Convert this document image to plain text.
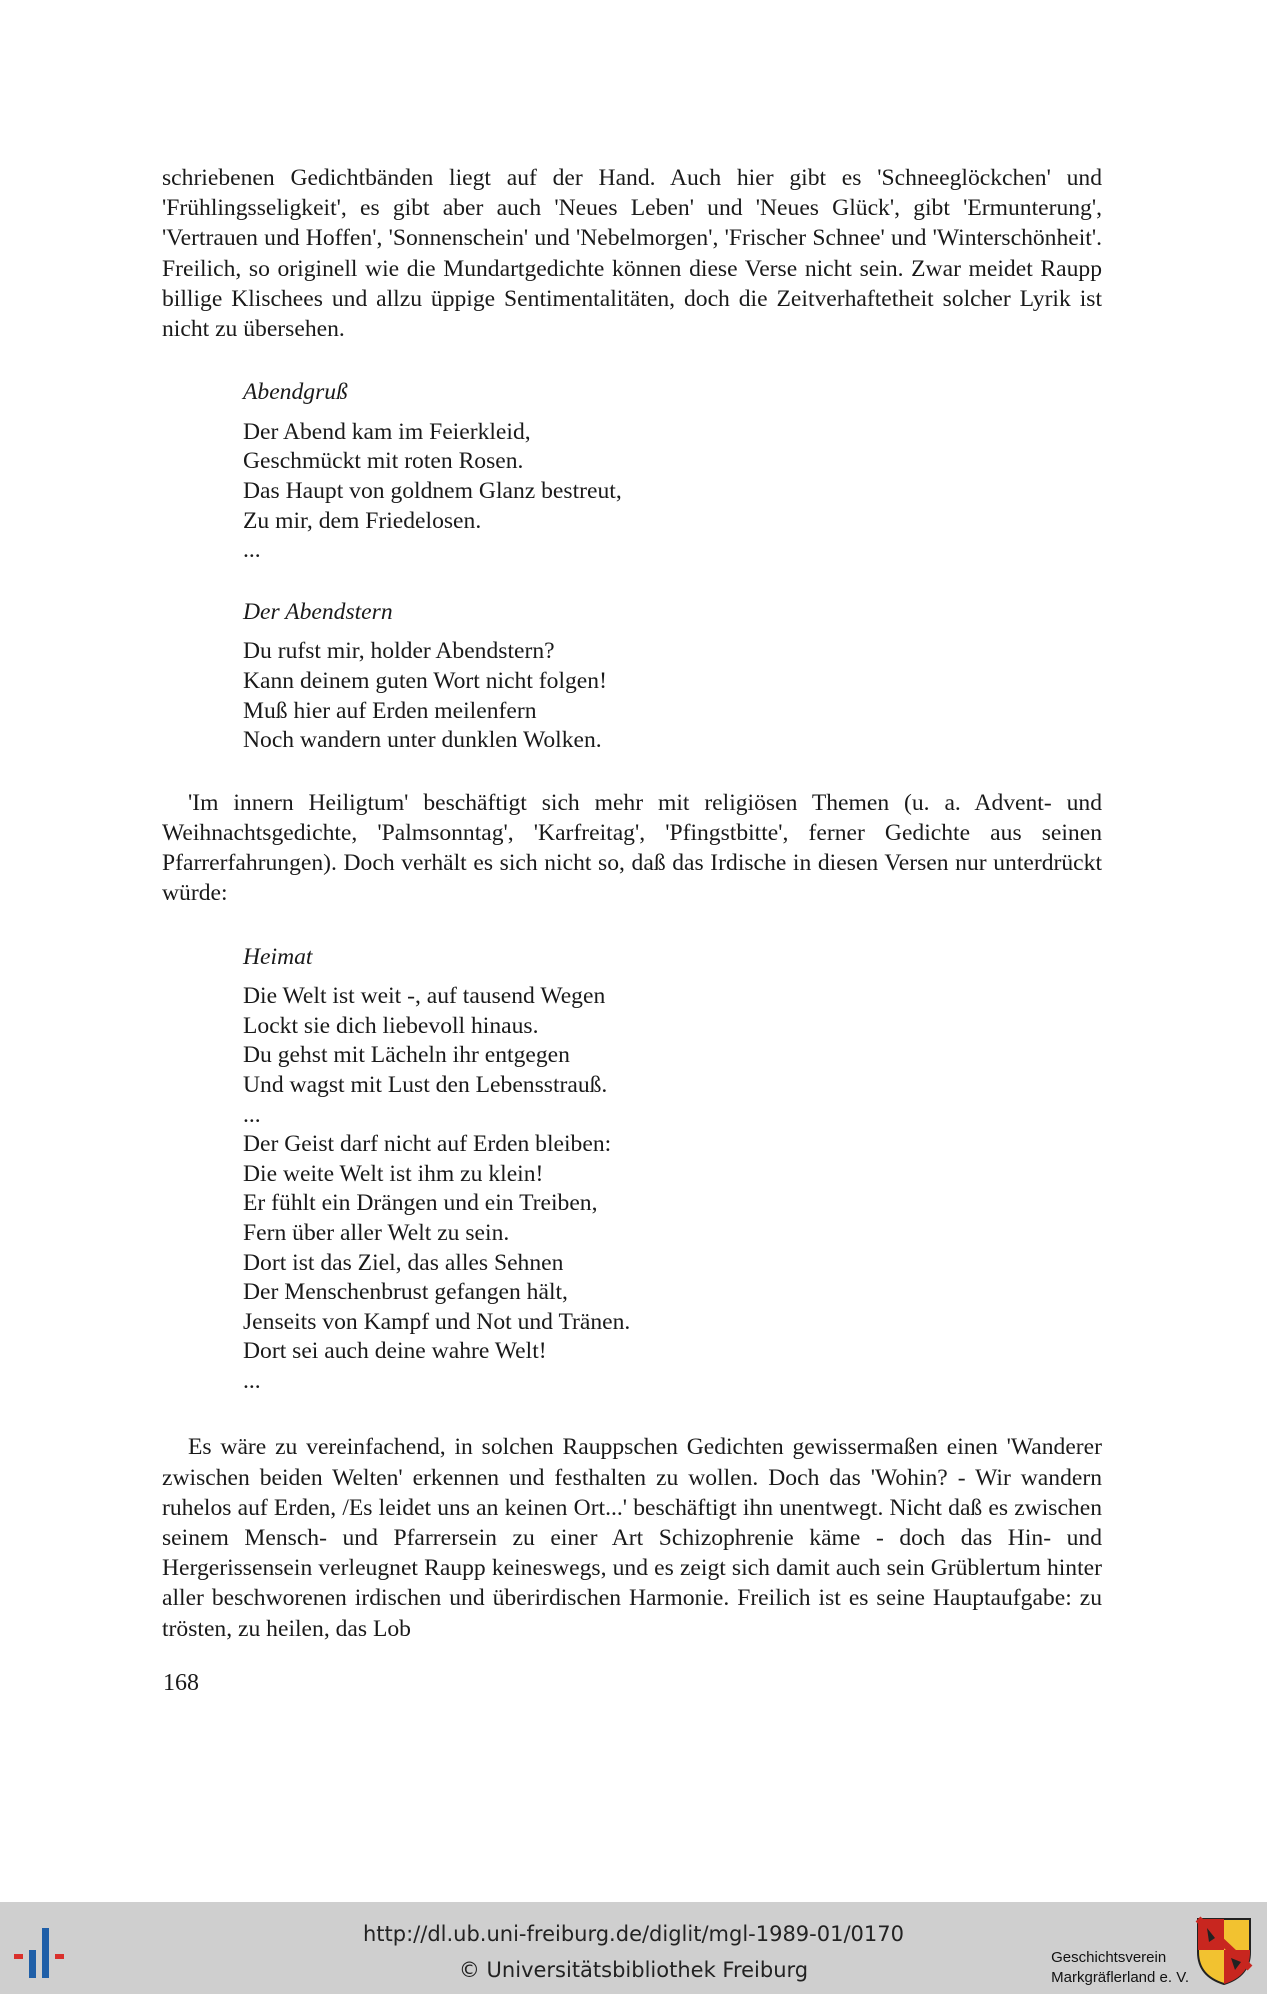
schriebenen Gedichtbänden liegt auf der Hand. Auch hier gibt es 'Schneeglöckchen' und 'Frühlingsseligkeit', es gibt aber auch 'Neues Leben' und 'Neues Glück', gibt 'Ermunterung', 'Vertrauen und Hoffen', 'Sonnenschein' und 'Nebelmorgen', 'Frischer Schnee' und 'Winterschönheit'. Freilich, so originell wie die Mundartgedichte können diese Verse nicht sein. Zwar meidet Raupp billige Klischees und allzu üppige Sentimentalitäten, doch die Zeitverhaftetheit solcher Lyrik ist nicht zu übersehen.
Abendgruß
Der Abend kam im Feierkleid,
Geschmückt mit roten Rosen.
Das Haupt von goldnem Glanz bestreut,
Zu mir, dem Friedelosen.
...
Der Abendstern
Du rufst mir, holder Abendstern?
Kann deinem guten Wort nicht folgen!
Muß hier auf Erden meilenfern
Noch wandern unter dunklen Wolken.
'Im innern Heiligtum' beschäftigt sich mehr mit religiösen Themen (u. a. Advent- und Weihnachtsgedichte, 'Palmsonntag', 'Karfreitag', 'Pfingstbitte', ferner Gedichte aus seinen Pfarrerfahrungen). Doch verhält es sich nicht so, daß das Irdische in diesen Versen nur unterdrückt würde:
Heimat
Die Welt ist weit -, auf tausend Wegen
Lockt sie dich liebevoll hinaus.
Du gehst mit Lächeln ihr entgegen
Und wagst mit Lust den Lebensstrauß.
...
Der Geist darf nicht auf Erden bleiben:
Die weite Welt ist ihm zu klein!
Er fühlt ein Drängen und ein Treiben,
Fern über aller Welt zu sein.
Dort ist das Ziel, das alles Sehnen
Der Menschenbrust gefangen hält,
Jenseits von Kampf und Not und Tränen.
Dort sei auch deine wahre Welt!
...
Es wäre zu vereinfachend, in solchen Rauppschen Gedichten gewissermaßen einen 'Wanderer zwischen beiden Welten' erkennen und festhalten zu wollen. Doch das 'Wohin? - Wir wandern ruhelos auf Erden, /Es leidet uns an keinen Ort...' beschäftigt ihn unentwegt. Nicht daß es zwischen seinem Mensch- und Pfarrersein zu einer Art Schizophrenie käme - doch das Hin- und Hergerissensein verleugnet Raupp keineswegs, und es zeigt sich damit auch sein Grüblertum hinter aller beschworenen irdischen und überirdischen Harmonie. Freilich ist es seine Hauptaufgabe: zu trösten, zu heilen, das Lob
168
http://dl.ub.uni-freiburg.de/diglit/mgl-1989-01/0170
© Universitätsbibliothek Freiburg
Geschichtsverein
Markgräflerland e. V.
